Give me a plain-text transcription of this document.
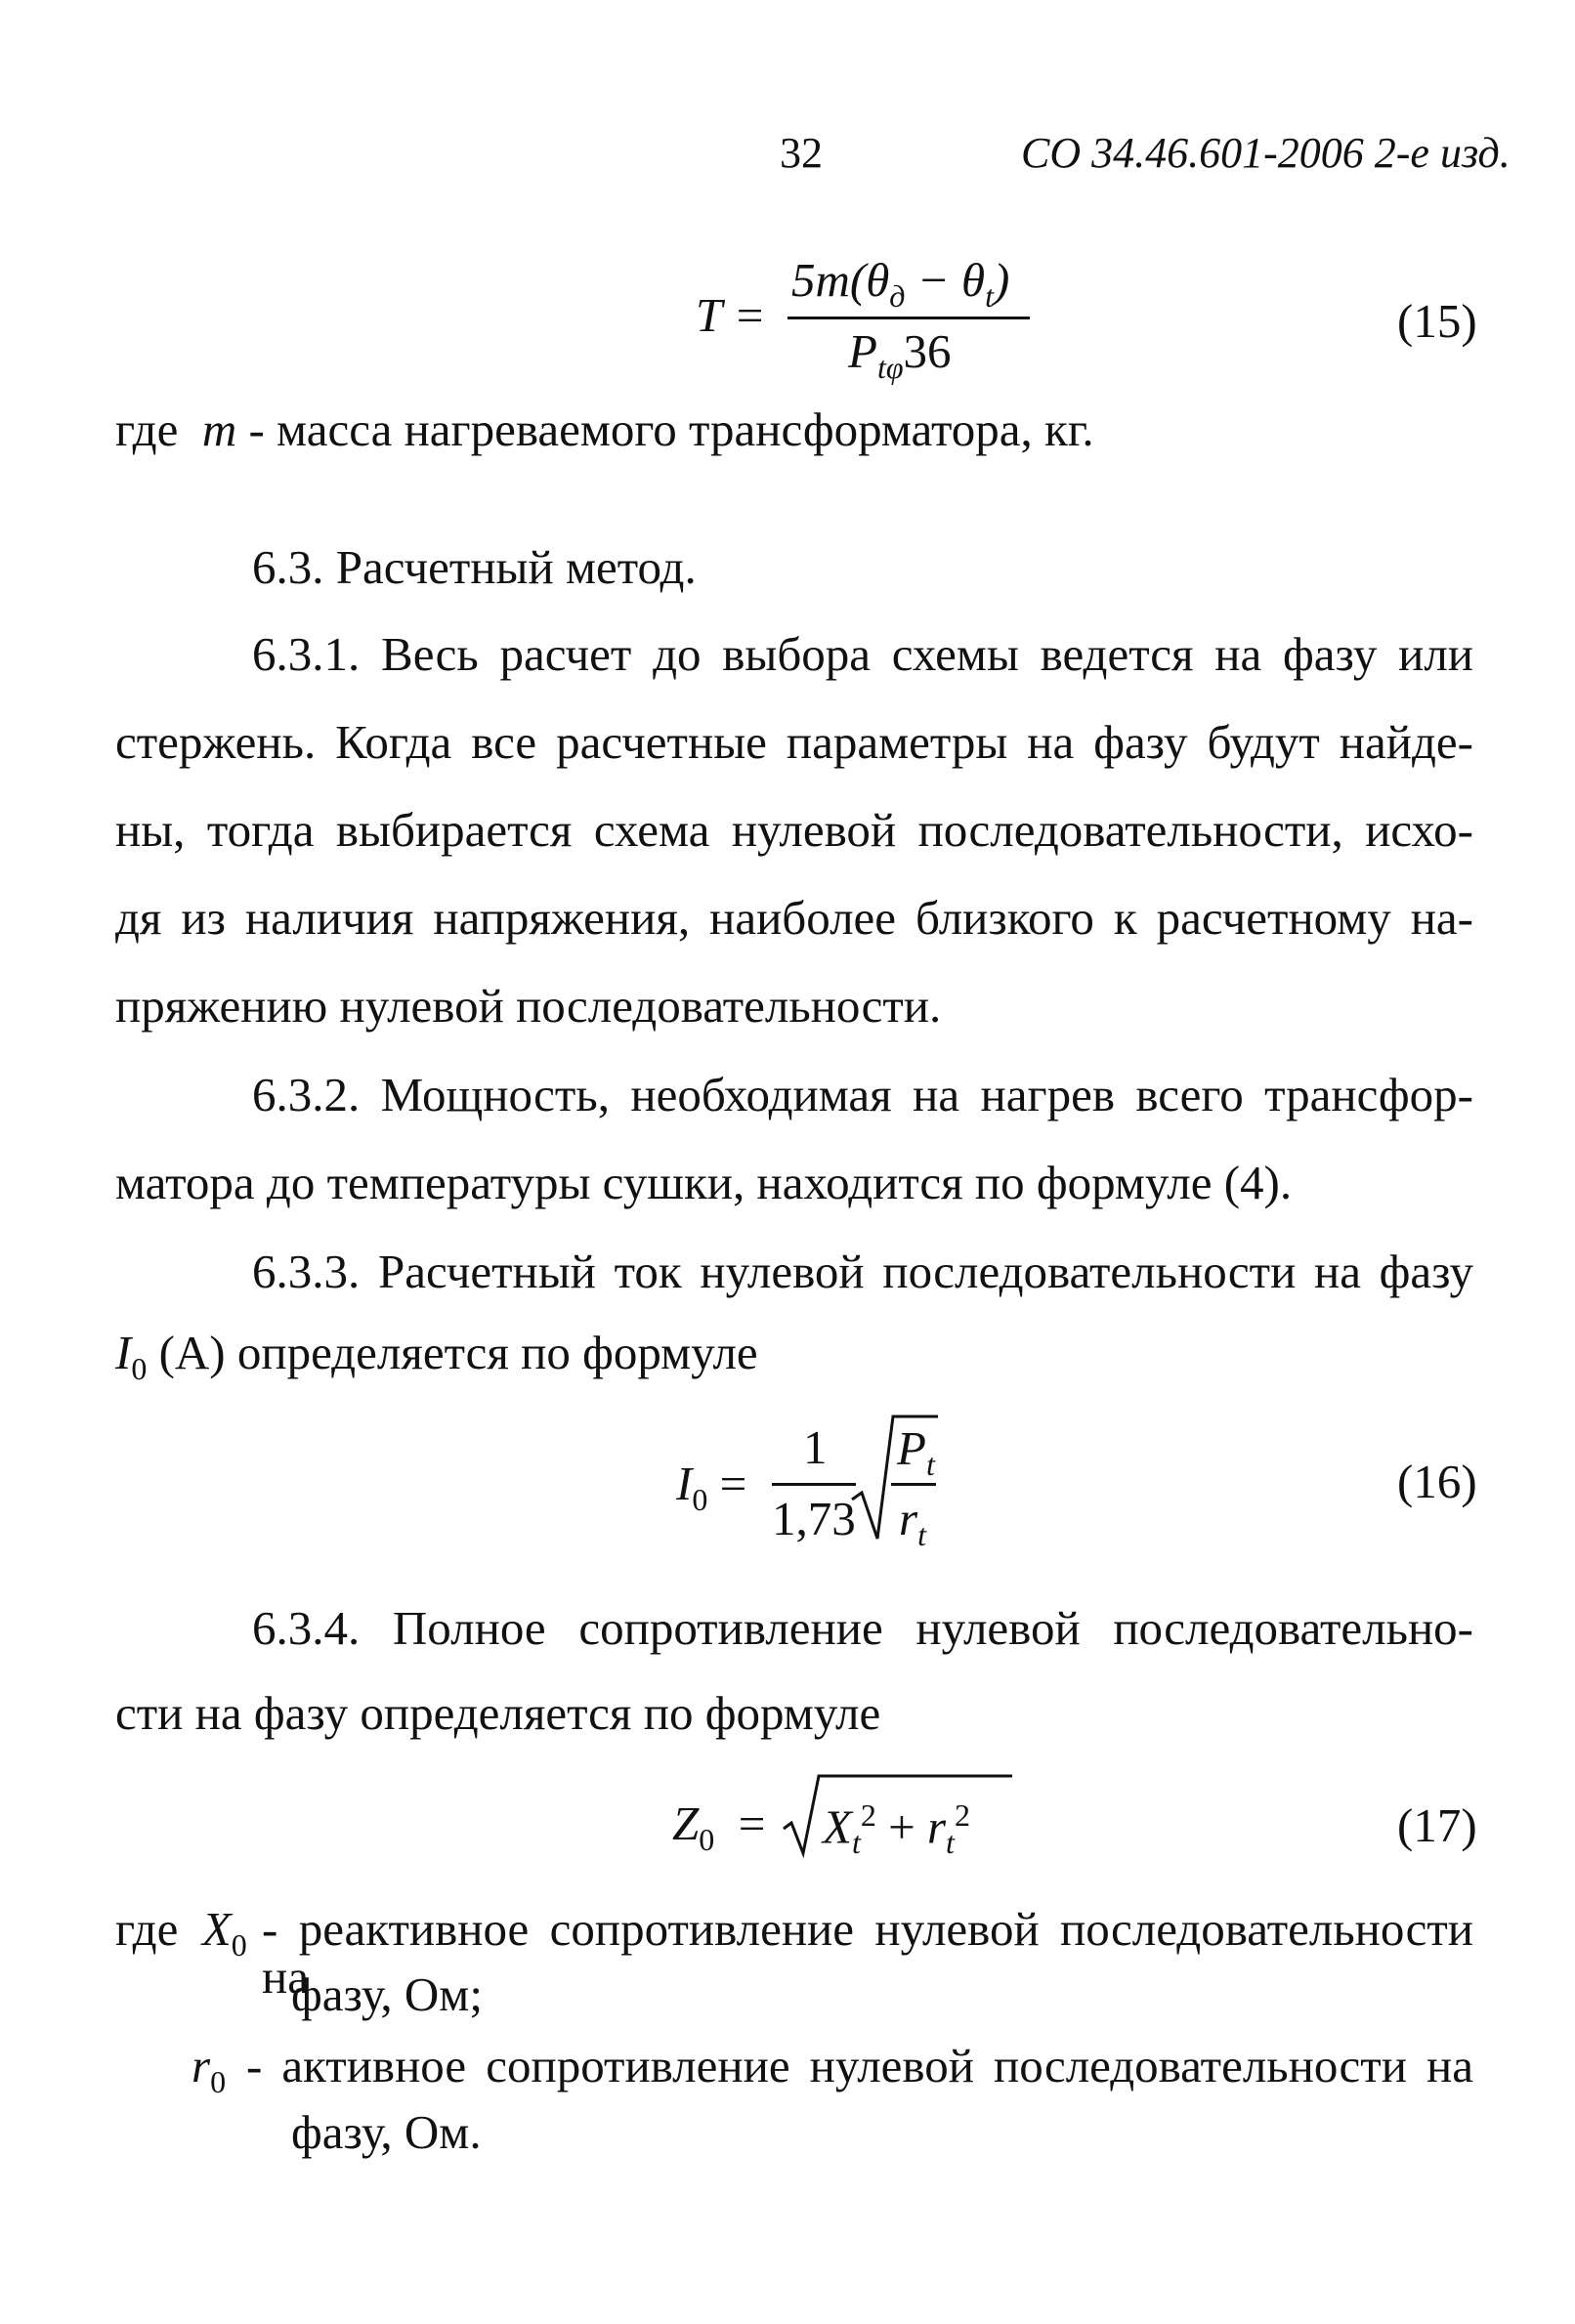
32	СО 34.46.601-2006 2-е изд.
T =
$5m(\theta_д - \theta_t)$
$P_{t\varphi}36$
(15)
где m - масса нагреваемого трансформатора, кг.
6.3. Расчетный метод.
6.3.1. Весь расчет до выбора схемы ведется на фазу или
стержень. Когда все расчетные параметры на фазу будут найде-
ны, тогда выбирается схема нулевой последовательности, исхо-
дя из наличия напряжения, наиболее близкого к расчетному на-
пряжению нулевой последовательности.
6.3.2. Мощность, необходимая на нагрев всего трансфор-
матора до температуры сушки, находится по формуле (4).
6.3.3. Расчетный ток нулевой последовательности на фазу
$I_0$ (А) определяется по формуле
$I_0$ =
1
1,73
$P_t$
$r_t$
(16)
6.3.4. Полное сопротивление нулевой последовательно-
сти на фазу определяется по формуле
$Z_0 = X_t^2 + r_t^2$	(17)
где $X_0$ - реактивное сопротивление нулевой последовательности на
фазу, Ом;
$r_0$ - активное сопротивление нулевой последовательности на
фазу, Ом.
